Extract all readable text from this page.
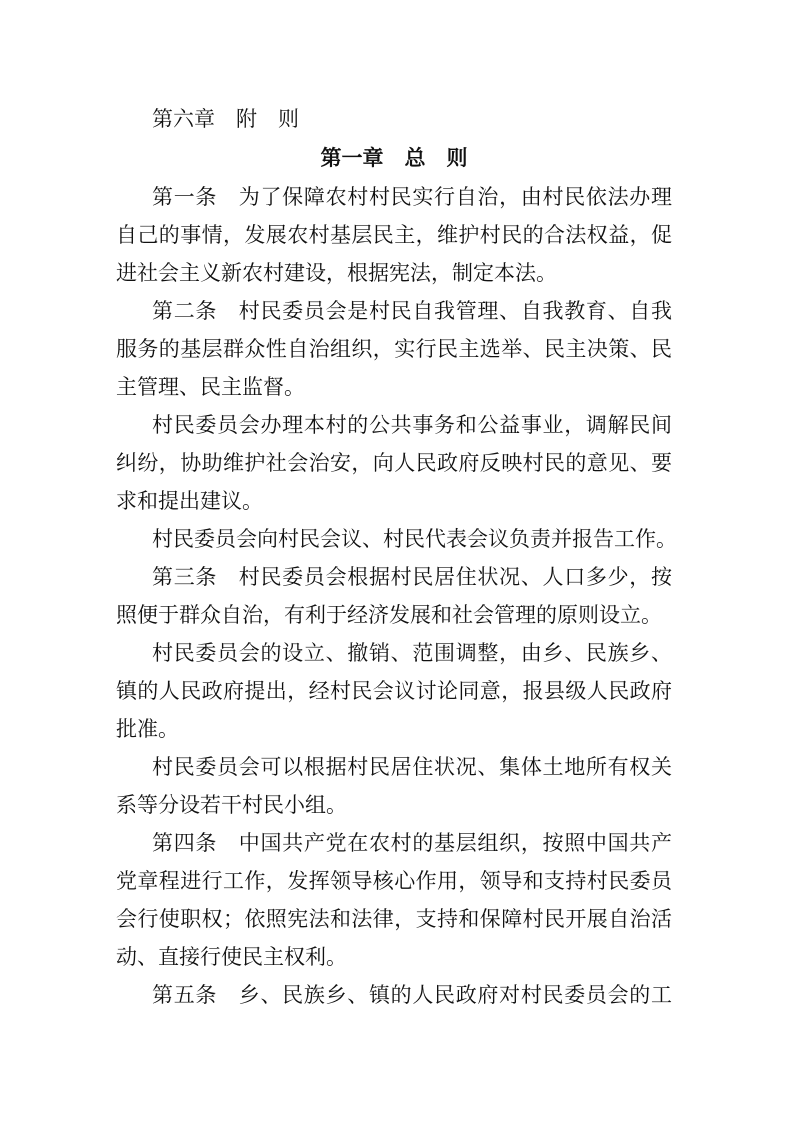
第六章　附　则
第一章　总　则
第一条　为了保障农村村民实行自治，由村民依法办理
自己的事情，发展农村基层民主，维护村民的合法权益，促
进社会主义新农村建设，根据宪法，制定本法。
第二条　村民委员会是村民自我管理、自我教育、自我
服务的基层群众性自治组织，实行民主选举、民主决策、民
主管理、民主监督。
村民委员会办理本村的公共事务和公益事业，调解民间
纠纷，协助维护社会治安，向人民政府反映村民的意见、要
求和提出建议。
村民委员会向村民会议、村民代表会议负责并报告工作。
第三条　村民委员会根据村民居住状况、人口多少，按
照便于群众自治，有利于经济发展和社会管理的原则设立。
村民委员会的设立、撤销、范围调整，由乡、民族乡、
镇的人民政府提出，经村民会议讨论同意，报县级人民政府
批准。
村民委员会可以根据村民居住状况、集体土地所有权关
系等分设若干村民小组。
第四条　中国共产党在农村的基层组织，按照中国共产
党章程进行工作，发挥领导核心作用，领导和支持村民委员
会行使职权；依照宪法和法律，支持和保障村民开展自治活
动、直接行使民主权利。
第五条　乡、民族乡、镇的人民政府对村民委员会的工
